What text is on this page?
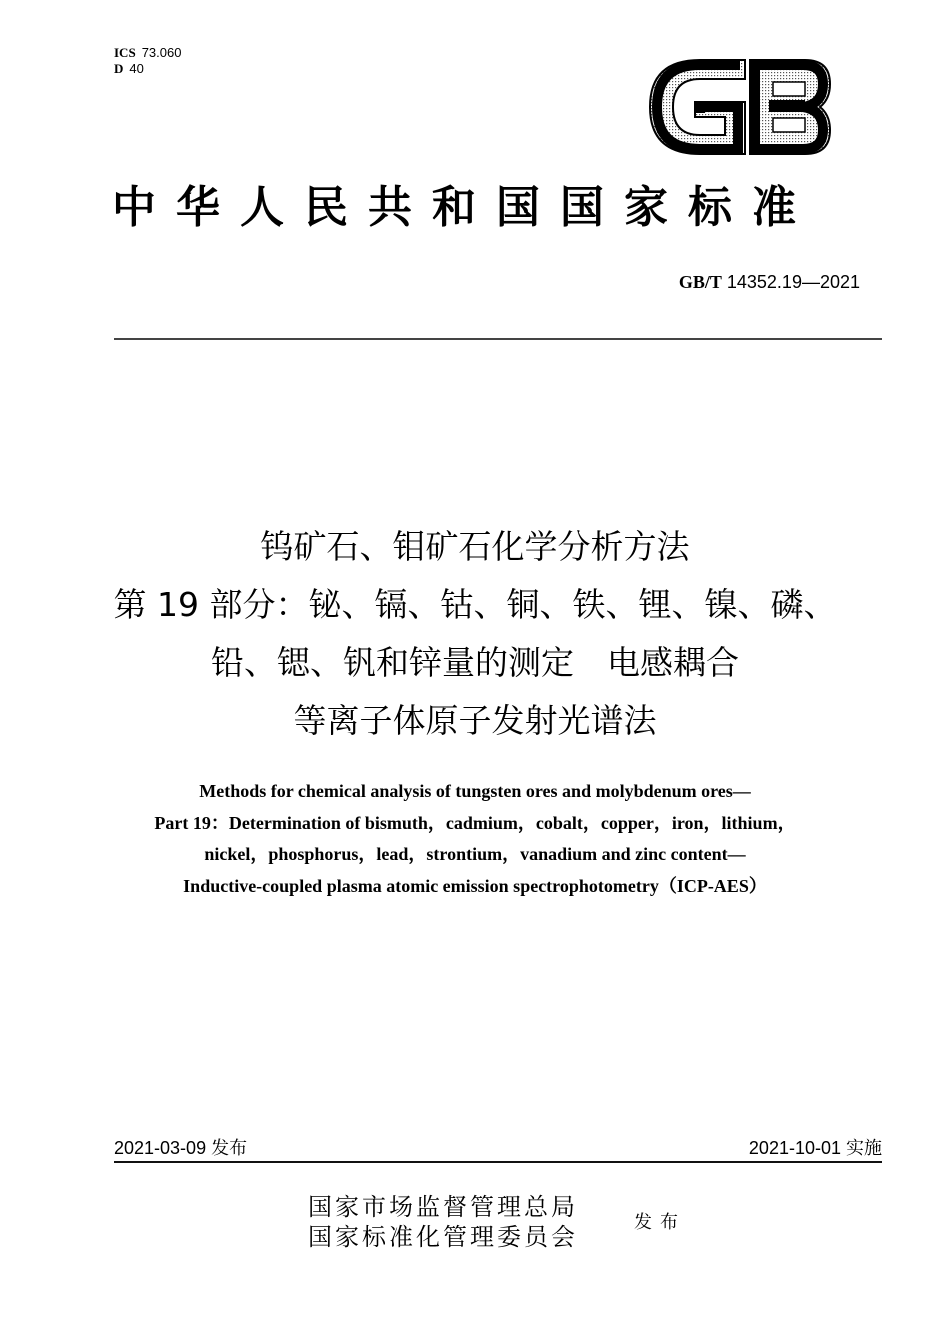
ICS 73.060
D 40
中华人民共和国国家标准
GB/T 14352.19—2021
钨矿石、钼矿石化学分析方法
第 19 部分：铋、镉、钴、铜、铁、锂、镍、磷、
铅、锶、钒和锌量的测定　电感耦合
等离子体原子发射光谱法
Methods for chemical analysis of tungsten ores and molybdenum ores—
Part 19：Determination of bismuth，cadmium，cobalt，copper，iron，lithium，
nickel，phosphorus，lead，strontium，vanadium and zinc content—
Inductive-coupled plasma atomic emission spectrophotometry（ICP-AES）
2021-03-09 发布	2021-10-01 实施
国家市场监督管理总局
国家标准化管理委员会
发布
